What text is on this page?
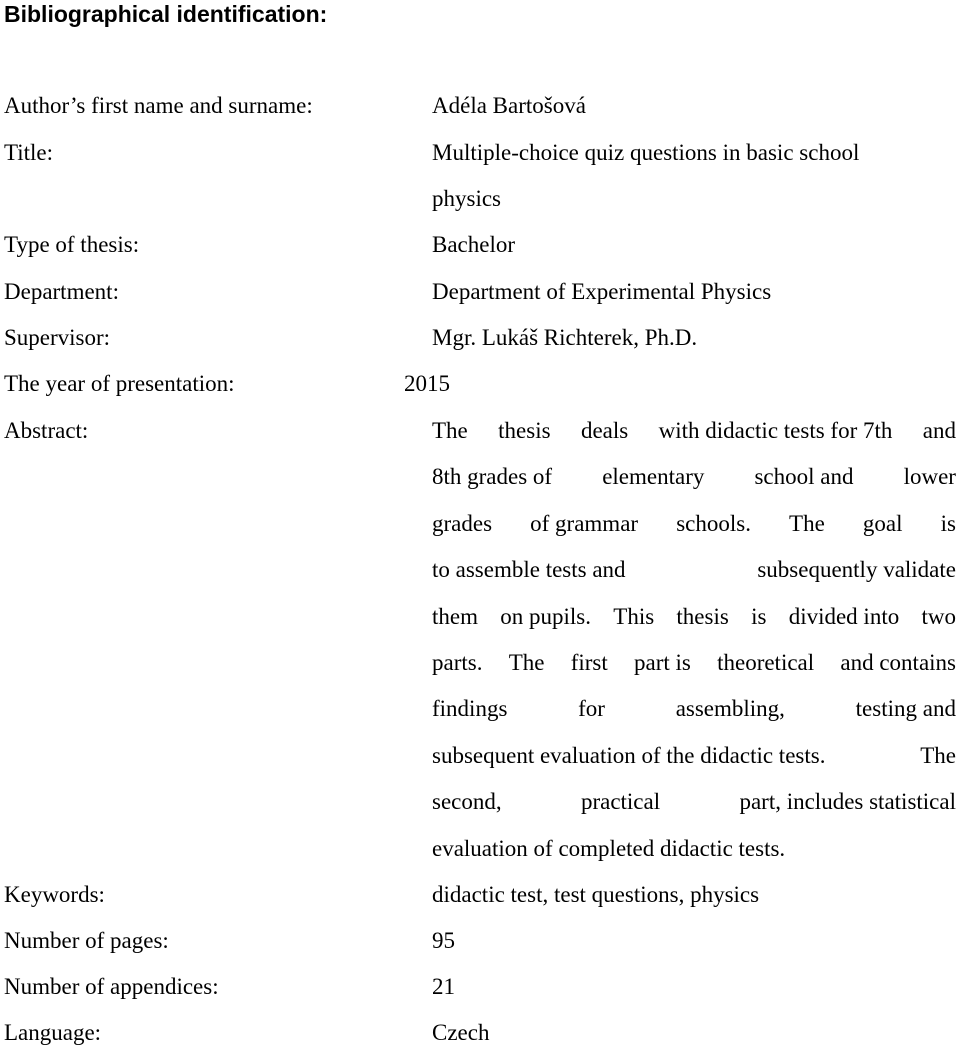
Bibliographical identification:
Author’s first name and surname:	Adéla Bartošová
Title:	Multiple-choice quiz questions in basic school
physics
Type of thesis:	Bachelor
Department:	Department of Experimental Physics
Supervisor:	Mgr. Lukáš Richterek, Ph.D.
The year of presentation:	2015
Abstract:	The thesis deals with didactic tests for 7th and
8th grades of elementary school and lower
grades of grammar schools. The goal is
to assemble tests and	subsequently validate
them on pupils. This thesis is divided into two
parts. The first part is theoretical and contains
findings	for	assembling,	testing and
subsequent evaluation of the didactic tests.	The
second,	practical	part, includes statistical
evaluation of completed didactic tests.
Keywords:	didactic test, test questions, physics
Number of pages:	95
Number of appendices:	21
Language:	Czech
